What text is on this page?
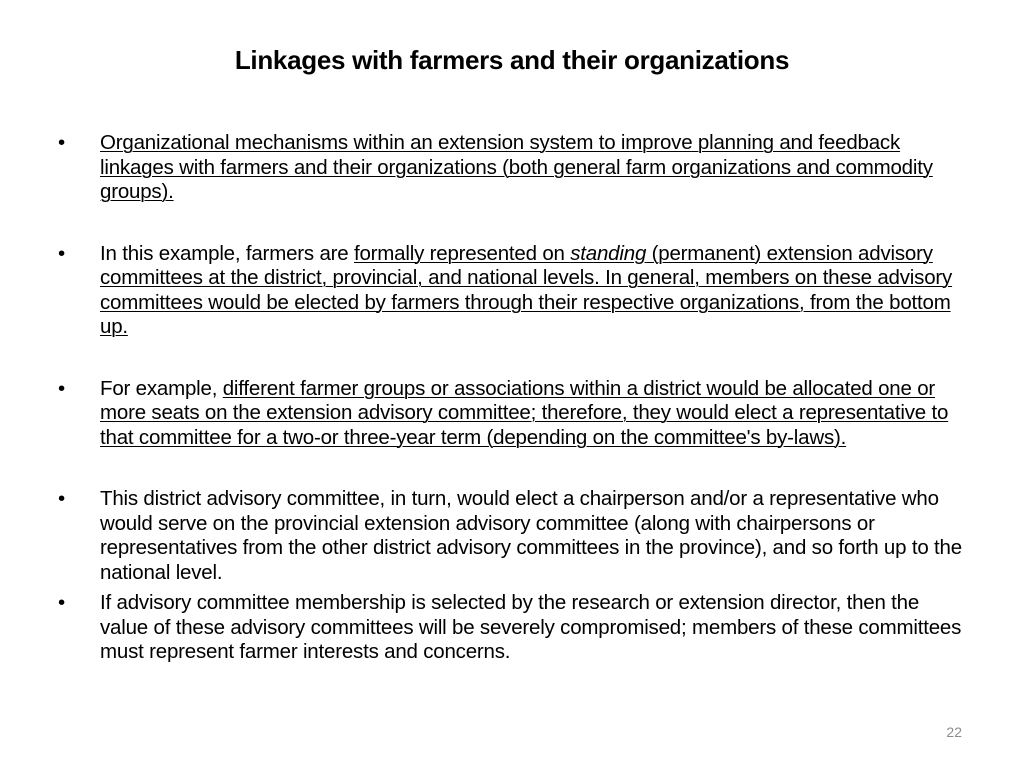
Linkages with farmers and their organizations
•	Organizational mechanisms within an extension system to improve planning and feedback linkages with farmers and their organizations (both general farm organizations and commodity groups).
•	In this example, farmers are formally represented on standing (permanent) extension advisory committees at the district, provincial, and national levels. In general, members on these advisory committees would be elected by farmers through their respective organizations, from the bottom up.
•	For example, different farmer groups or associations within a district would be allocated one or more seats on the extension advisory committee; therefore, they would elect a representative to that committee for a two-or three-year term (depending on the committee's by-laws).
•	This district advisory committee, in turn, would elect a chairperson and/or a representative who would serve on the provincial extension advisory committee (along with chairpersons or representatives from the other district advisory committees in the province), and so forth up to the national level.
•	If advisory committee membership is selected by the research or extension director, then the value of these advisory committees will be severely compromised; members of these committees must represent farmer interests and concerns.
22
